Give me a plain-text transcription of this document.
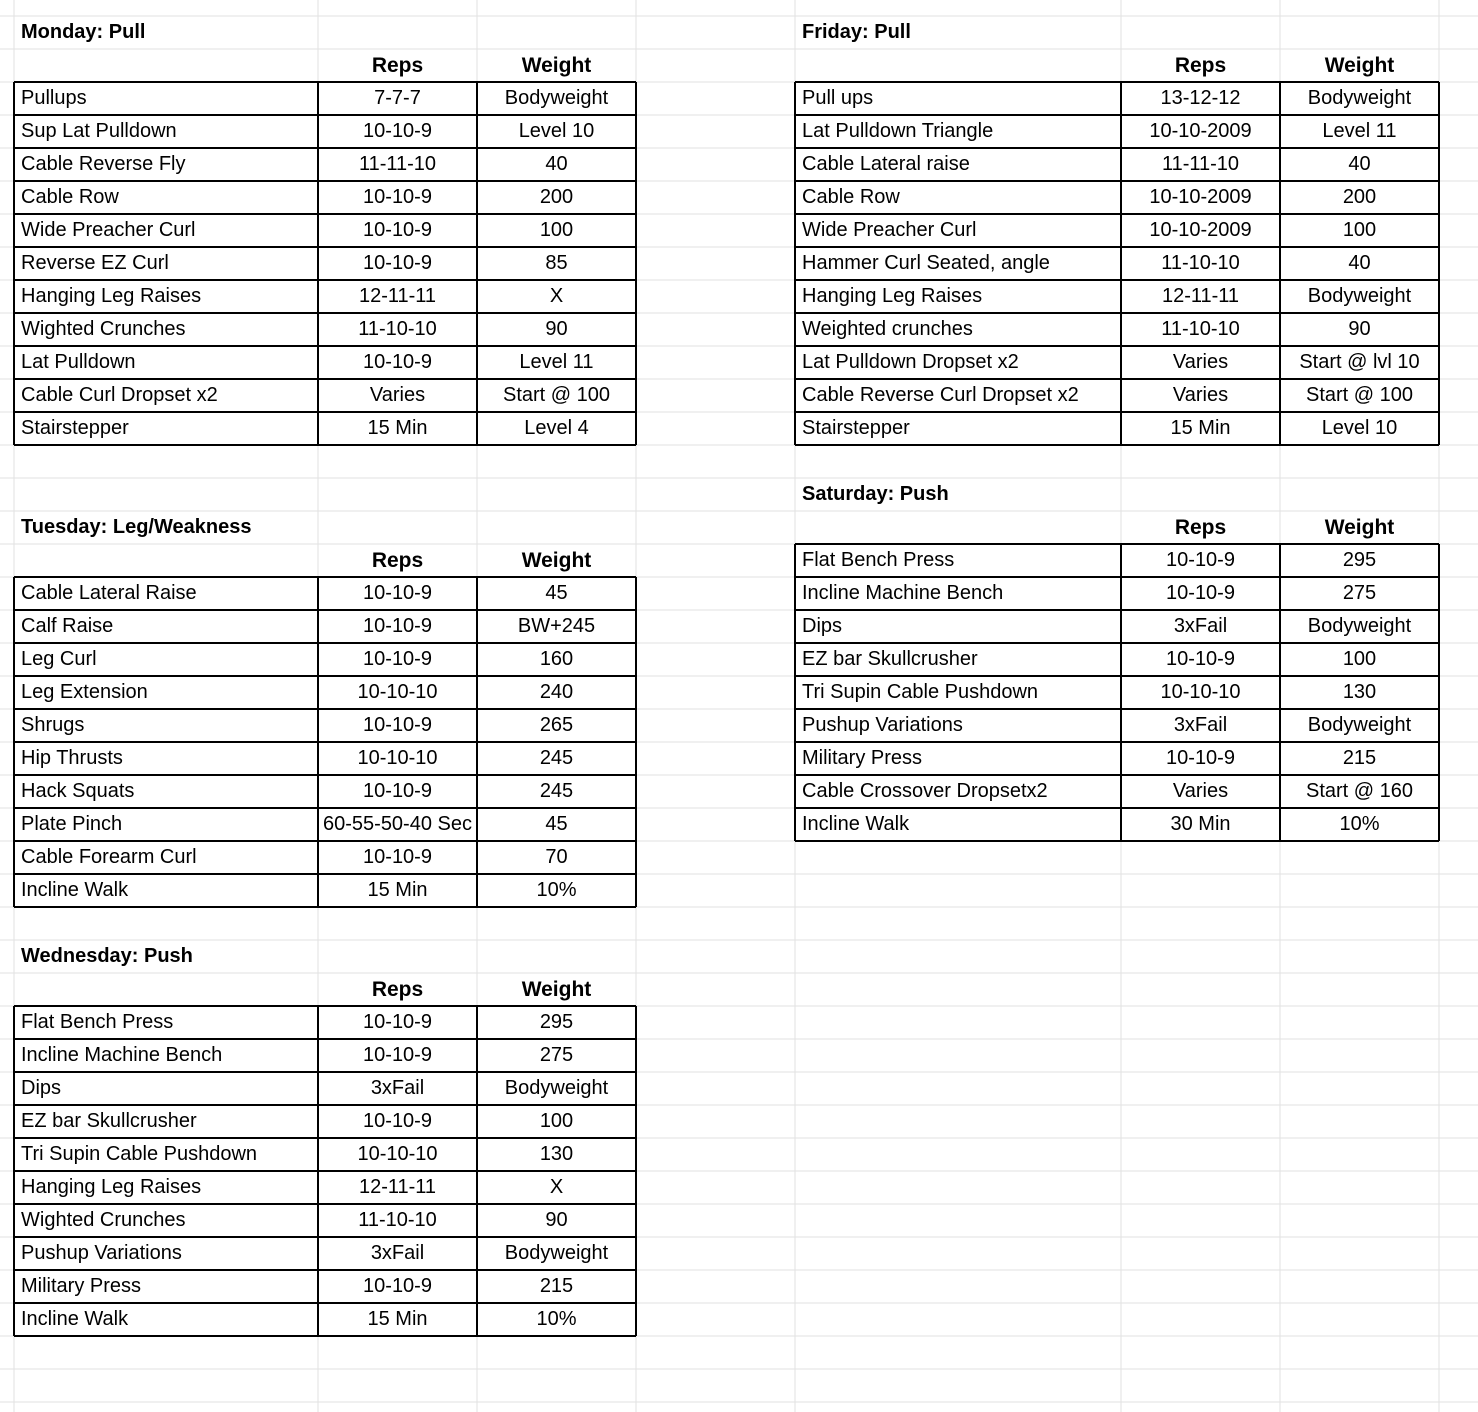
Monday: Pull
Reps	Weight
Pullups	7-7-7	Bodyweight
Sup Lat Pulldown	10-10-9	Level 10
Cable Reverse Fly	11-11-10	40
Cable Row	10-10-9	200
Wide Preacher Curl	10-10-9	100
Reverse EZ Curl	10-10-9	85
Hanging Leg Raises	12-11-11	X
Wighted Crunches	11-10-10	90
Lat Pulldown	10-10-9	Level 11
Cable Curl Dropset x2	Varies	Start @ 100
Stairstepper	15 Min	Level 4
Tuesday: Leg/Weakness
Reps	Weight
Cable Lateral Raise	10-10-9	45
Calf Raise	10-10-9	BW+245
Leg Curl	10-10-9	160
Leg Extension	10-10-10	240
Shrugs	10-10-9	265
Hip Thrusts	10-10-10	245
Hack Squats	10-10-9	245
Plate Pinch	60-55-50-40 Sec	45
Cable Forearm Curl	10-10-9	70
Incline Walk	15 Min	10%
Wednesday: Push
Reps	Weight
Flat Bench Press	10-10-9	295
Incline Machine Bench	10-10-9	275
Dips	3xFail	Bodyweight
EZ bar Skullcrusher	10-10-9	100
Tri Supin Cable Pushdown	10-10-10	130
Hanging Leg Raises	12-11-11	X
Wighted Crunches	11-10-10	90
Pushup Variations	3xFail	Bodyweight
Military Press	10-10-9	215
Incline Walk	15 Min	10%
Friday: Pull
Reps	Weight
Pull ups	13-12-12	Bodyweight
Lat Pulldown Triangle	10-10-2009	Level 11
Cable Lateral raise	11-11-10	40
Cable Row	10-10-2009	200
Wide Preacher Curl	10-10-2009	100
Hammer Curl Seated, angle	11-10-10	40
Hanging Leg Raises	12-11-11	Bodyweight
Weighted crunches	11-10-10	90
Lat Pulldown Dropset x2	Varies	Start @ lvl 10
Cable Reverse Curl Dropset x2	Varies	Start @ 100
Stairstepper	15 Min	Level 10
Saturday: Push
Reps	Weight
Flat Bench Press	10-10-9	295
Incline Machine Bench	10-10-9	275
Dips	3xFail	Bodyweight
EZ bar Skullcrusher	10-10-9	100
Tri Supin Cable Pushdown	10-10-10	130
Pushup Variations	3xFail	Bodyweight
Military Press	10-10-9	215
Cable Crossover Dropsetx2	Varies	Start @ 160
Incline Walk	30 Min	10%
